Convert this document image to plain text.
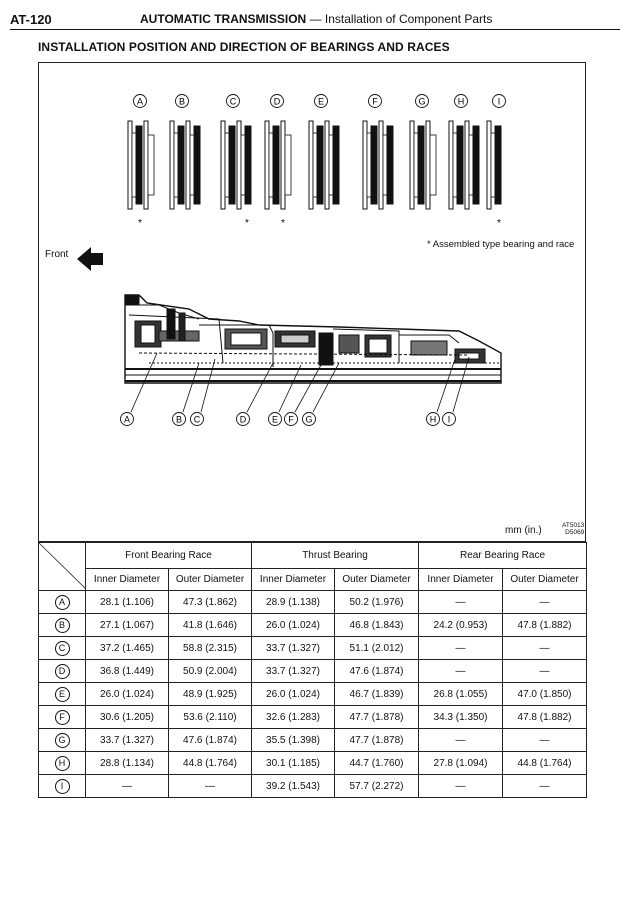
AT-120	AUTOMATIC TRANSMISSION — Installation of Component Parts
INSTALLATION POSITION AND DIRECTION OF BEARINGS AND RACES
A	B	C	D	E	F	G	H	I
A	B C	D	E F G	H I
*	*	*	*
Front
* Assembled type bearing and race
mm (in.)	AT5013
D5069
	Front Bearing Race		Thrust Bearing		Rear Bearing Race	
	Inner Diameter	Outer Diameter	Inner Diameter	Outer Diameter	Inner Diameter	Outer Diameter
A	28.1 (1.106)	47.3 (1.862)	28.9 (1.138)	50.2 (1.976)	—	—
B	27.1 (1.067)	41.8 (1.646)	26.0 (1.024)	46.8 (1.843)	24.2 (0.953)	47.8 (1.882)
C	37.2 (1.465)	58.8 (2.315)	33.7 (1.327)	51.1 (2.012)	—	—
D	36.8 (1.449)	50.9 (2.004)	33.7 (1.327)	47.6 (1.874)	—	—
E	26.0 (1.024)	48.9 (1.925)	26.0 (1.024)	46.7 (1.839)	26.8 (1.055)	47.0 (1.850)
F	30.6 (1.205)	53.6 (2.110)	32.6 (1.283)	47.7 (1.878)	34.3 (1.350)	47.8 (1.882)
G	33.7 (1.327)	47.6 (1.874)	35.5 (1.398)	47.7 (1.878)	—	—
H	28.8 (1.134)	44.8 (1.764)	30.1 (1.185)	44.7 (1.760)	27.8 (1.094)	44.8 (1.764)
I	—	—	39.2 (1.543)	57.7 (2.272)	—	—
